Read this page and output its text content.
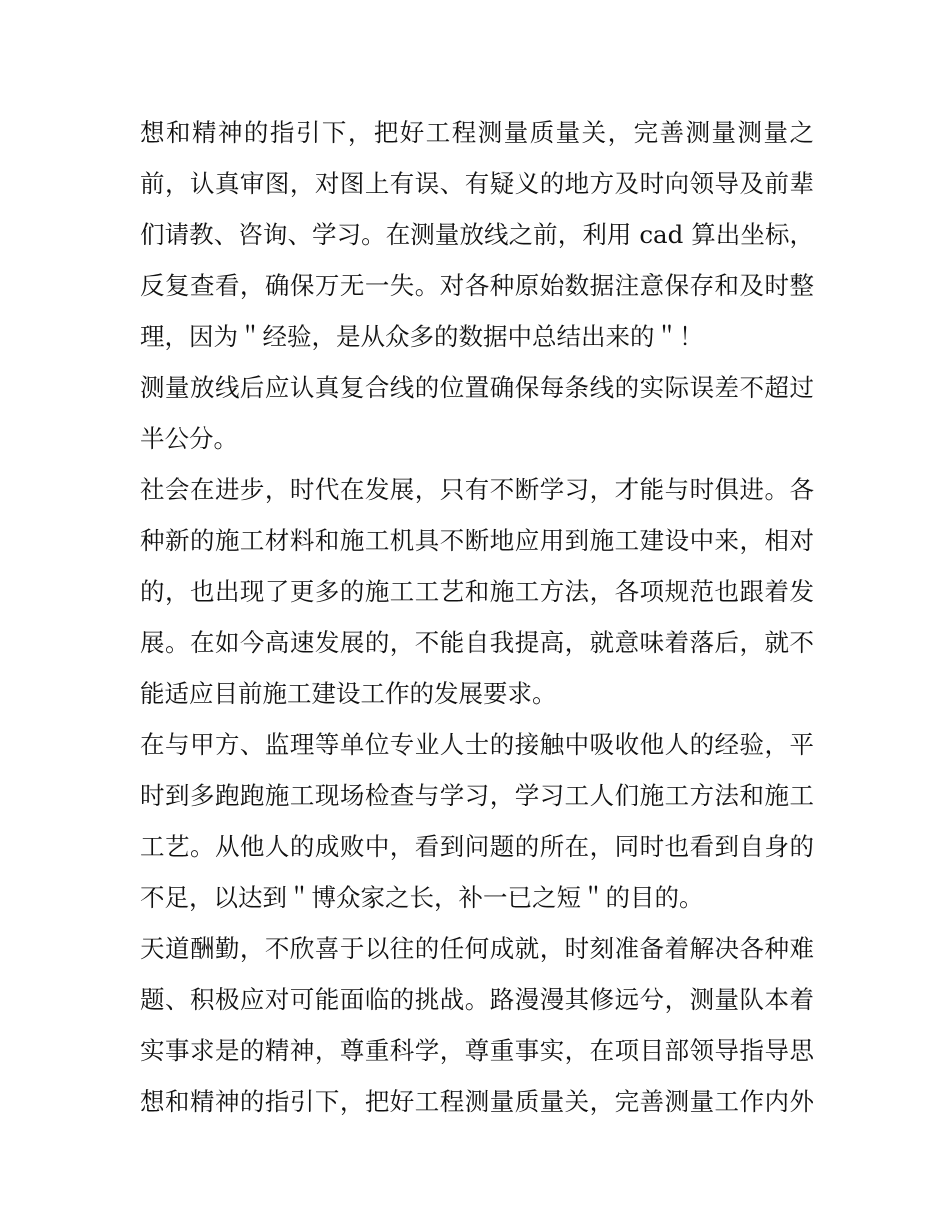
想和精神的指引下，把好工程测量质量关，完善测量测量之
前，认真审图，对图上有误、有疑义的地方及时向领导及前辈
们请教、咨询、学习。在测量放线之前，利用 cad 算出坐标，
反复查看，确保万无一失。对各种原始数据注意保存和及时整
理，因为＂经验，是从众多的数据中总结出来的＂！
测量放线后应认真复合线的位置确保每条线的实际误差不超过
半公分。
社会在进步，时代在发展，只有不断学习，才能与时俱进。各
种新的施工材料和施工机具不断地应用到施工建设中来，相对
的，也出现了更多的施工工艺和施工方法，各项规范也跟着发
展。在如今高速发展的，不能自我提高，就意味着落后，就不
能适应目前施工建设工作的发展要求。
在与甲方、监理等单位专业人士的接触中吸收他人的经验，平
时到多跑跑施工现场检查与学习，学习工人们施工方法和施工
工艺。从他人的成败中，看到问题的所在，同时也看到自身的
不足，以达到＂博众家之长，补一已之短＂的目的。
天道酬勤，不欣喜于以往的任何成就，时刻准备着解决各种难
题、积极应对可能面临的挑战。路漫漫其修远兮，测量队本着
实事求是的精神，尊重科学，尊重事实，在项目部领导指导思
想和精神的指引下，把好工程测量质量关，完善测量工作内外
